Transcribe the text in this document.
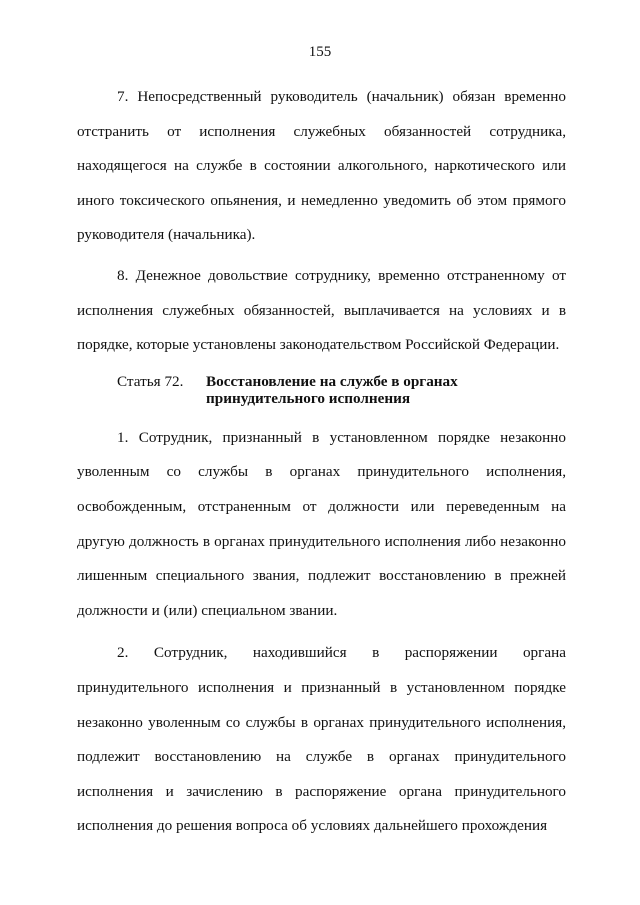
155

7. Непосредственный руководитель (начальник) обязан временно отстранить от исполнения служебных обязанностей сотрудника, находящегося на службе в состоянии алкогольного, наркотического или иного токсического опьянения, и немедленно уведомить об этом прямого руководителя (начальника).

8. Денежное довольствие сотруднику, временно отстраненному от исполнения служебных обязанностей, выплачивается на условиях и в порядке, которые установлены законодательством Российской Федерации.

Статья 72.	Восстановление на службе в органах принудительного исполнения

1. Сотрудник, признанный в установленном порядке незаконно уволенным со службы в органах принудительного исполнения, освобожденным, отстраненным от должности или переведенным на другую должность в органах принудительного исполнения либо незаконно лишенным специального звания, подлежит восстановлению в прежней должности и (или) специальном звании.

2. Сотрудник, находившийся в распоряжении органа принудительного исполнения и признанный в установленном порядке незаконно уволенным со службы в органах принудительного исполнения, подлежит восстановлению на службе в органах принудительного исполнения и зачислению в распоряжение органа принудительного исполнения до решения вопроса об условиях дальнейшего прохождения
